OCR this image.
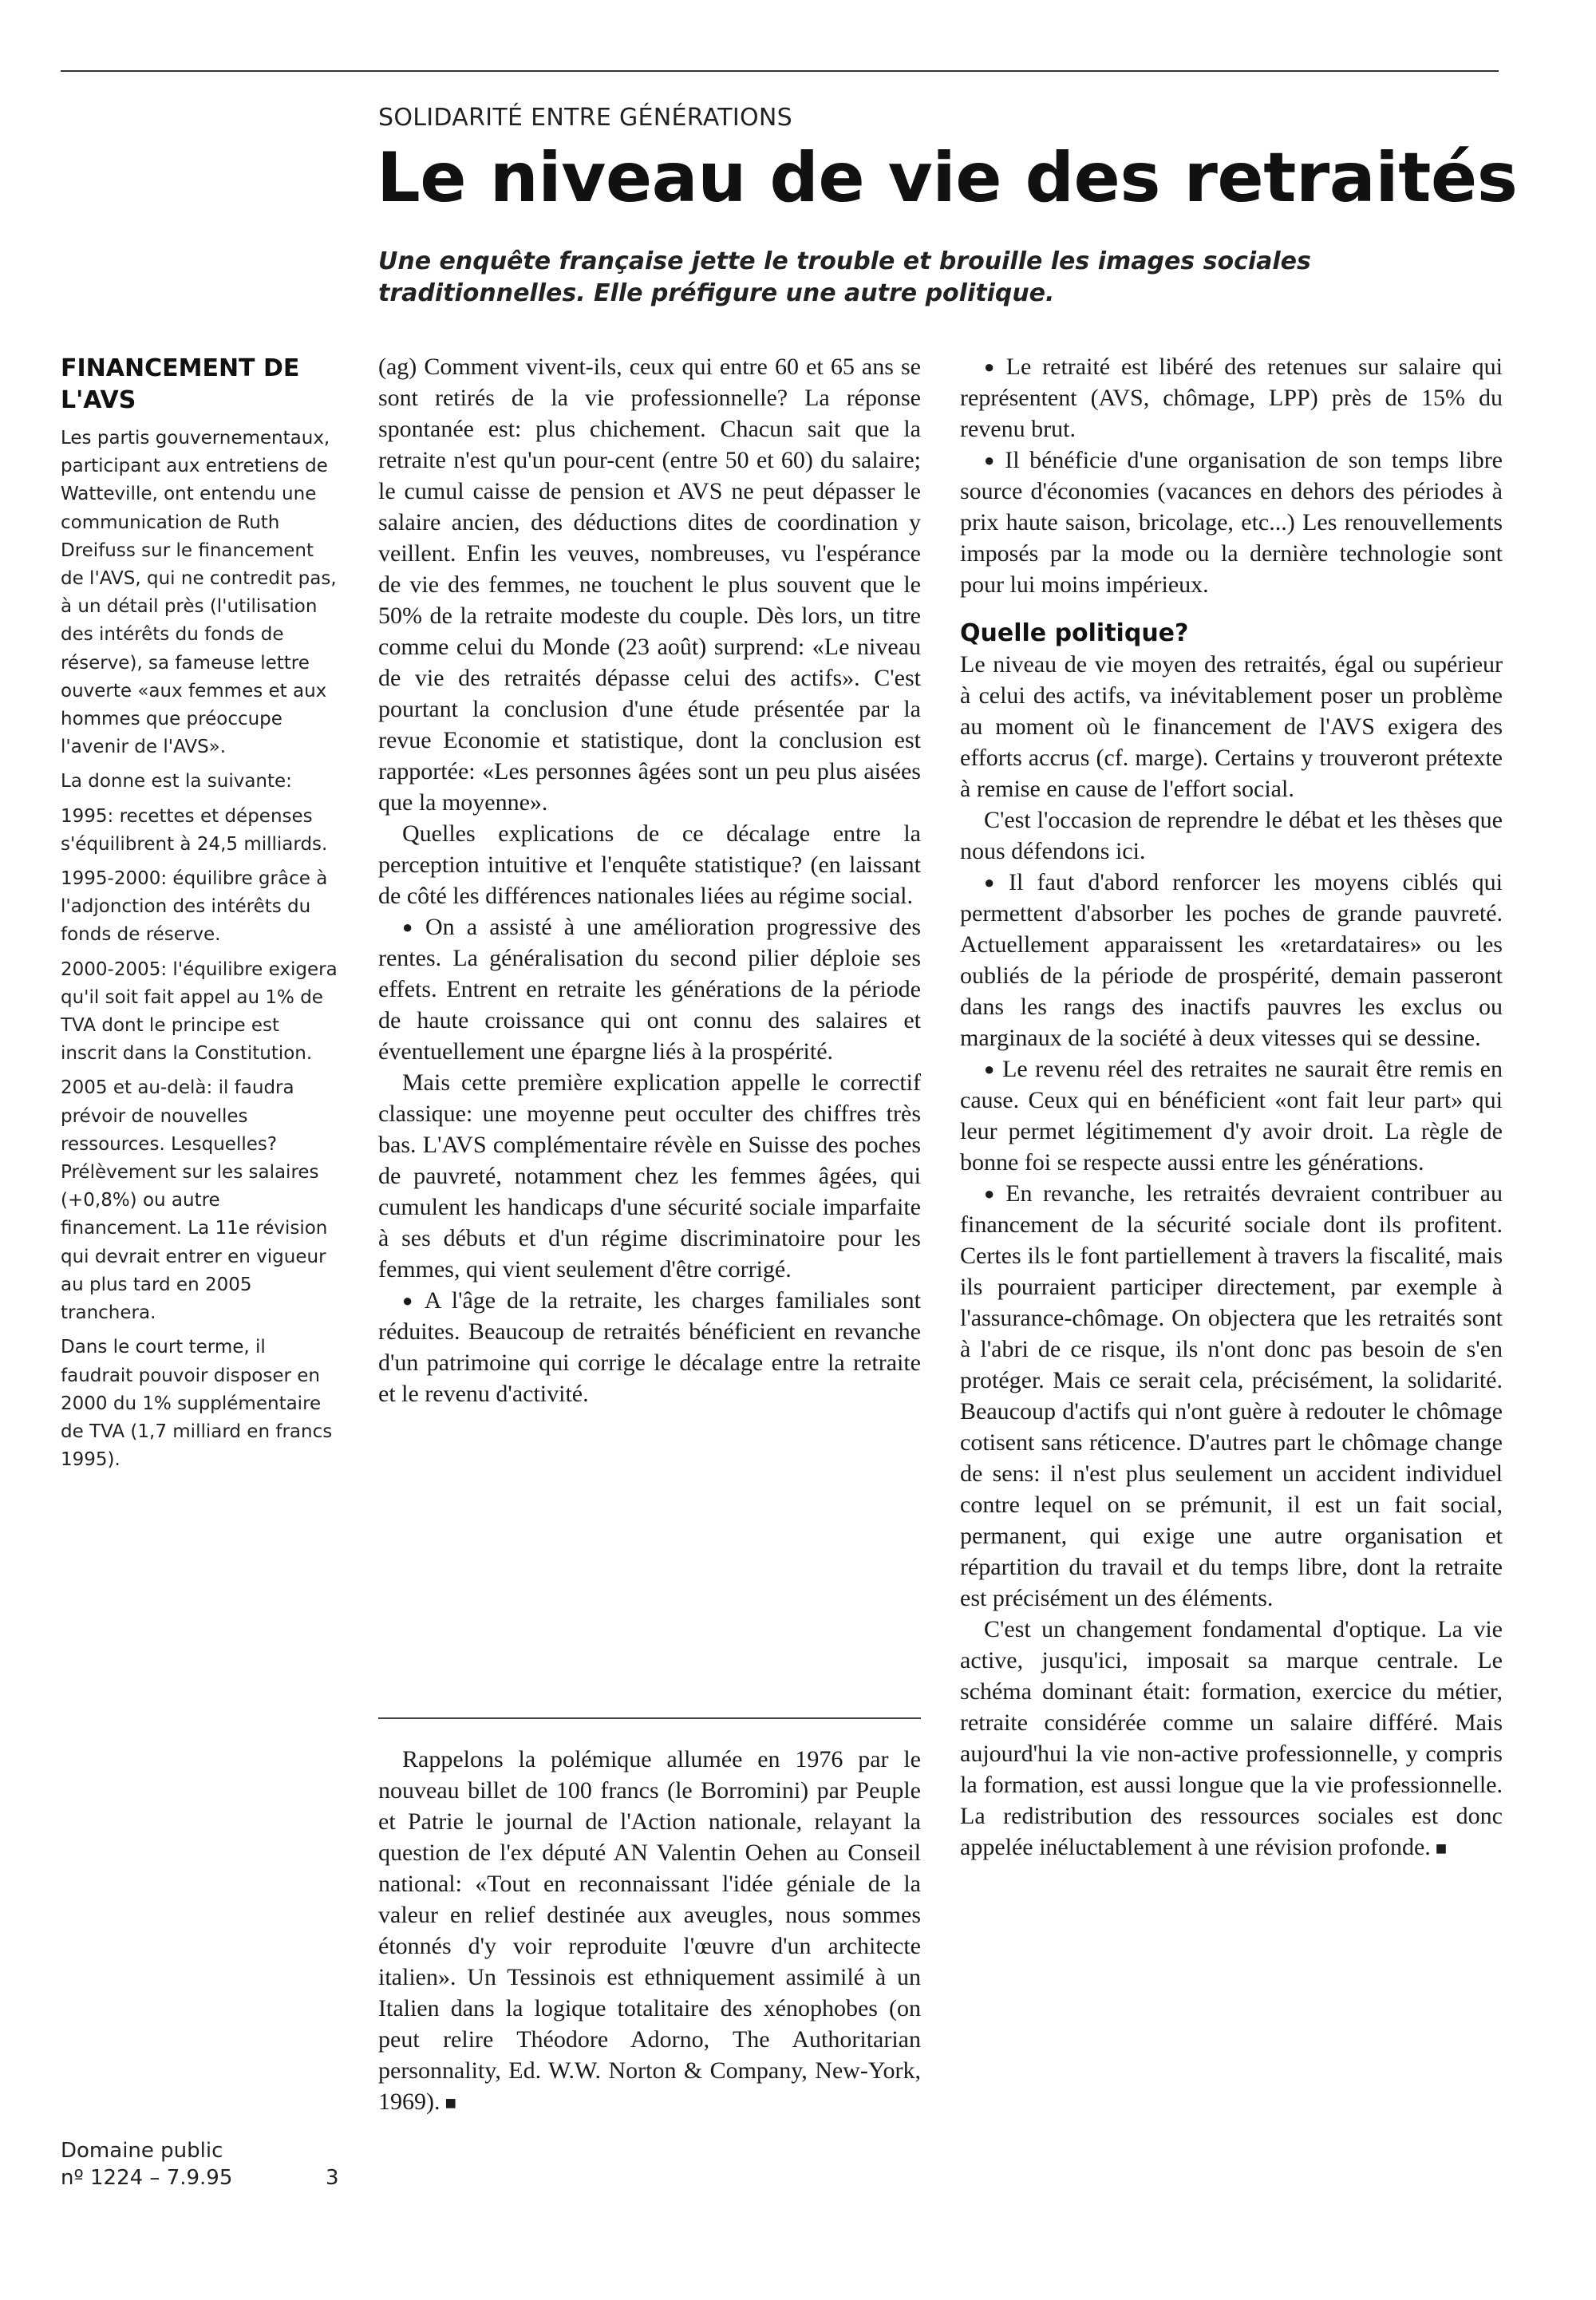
SOLIDARITÉ ENTRE GÉNÉRATIONS
Le niveau de vie des retraités

Une enquête française jette le trouble et brouille les images sociales traditionnelles. Elle préfigure une autre politique.

FINANCEMENT DE L'AVS

Les partis gouvernementaux, participant aux entretiens de Watteville, ont entendu une communication de Ruth Dreifuss sur le financement de l'AVS, qui ne contredit pas, à un détail près (l'utilisation des intérêts du fonds de réserve), sa fameuse lettre ouverte «aux femmes et aux hommes que préoccupe l'avenir de l'AVS».

La donne est la suivante:

1995: recettes et dépenses s'équilibrent à 24,5 milliards.

1995-2000: équilibre grâce à l'adjonction des intérêts du fonds de réserve.

2000-2005: l'équilibre exigera qu'il soit fait appel au 1% de TVA dont le principe est inscrit dans la Constitution.

2005 et au-delà: il faudra prévoir de nouvelles ressources. Lesquelles? Prélèvement sur les salaires (+0,8%) ou autre financement. La 11e révision qui devrait entrer en vigueur au plus tard en 2005 tranchera.

Dans le court terme, il faudrait pouvoir disposer en 2000 du 1% supplémentaire de TVA (1,7 milliard en francs 1995).

Domaine public
nº 1224 – 7.9.95	3

(ag) Comment vivent-ils, ceux qui entre 60 et 65 ans se sont retirés de la vie professionnelle? La réponse spontanée est: plus chichement. Chacun sait que la retraite n'est qu'un pour-cent (entre 50 et 60) du salaire; le cumul caisse de pension et AVS ne peut dépasser le salaire ancien, des déductions dites de coordination y veillent. Enfin les veuves, nombreuses, vu l'espérance de vie des femmes, ne touchent le plus souvent que le 50% de la retraite modeste du couple. Dès lors, un titre comme celui du Monde (23 août) surprend: «Le niveau de vie des retraités dépasse celui des actifs». C'est pourtant la conclusion d'une étude présentée par la revue Economie et statistique, dont la conclusion est rapportée: «Les personnes âgées sont un peu plus aisées que la moyenne».

Quelles explications de ce décalage entre la perception intuitive et l'enquête statistique? (en laissant de côté les différences nationales liées au régime social.

● On a assisté à une amélioration progressive des rentes. La généralisation du second pilier déploie ses effets. Entrent en retraite les générations de la période de haute croissance qui ont connu des salaires et éventuellement une épargne liés à la prospérité.

Mais cette première explication appelle le correctif classique: une moyenne peut occulter des chiffres très bas. L'AVS complémentaire révèle en Suisse des poches de pauvreté, notamment chez les femmes âgées, qui cumulent les handicaps d'une sécurité sociale imparfaite à ses débuts et d'un régime discriminatoire pour les femmes, qui vient seulement d'être corrigé.

● A l'âge de la retraite, les charges familiales sont réduites. Beaucoup de retraités bénéficient en revanche d'un patrimoine qui corrige le décalage entre la retraite et le revenu d'activité.

Rappelons la polémique allumée en 1976 par le nouveau billet de 100 francs (le Borromini) par Peuple et Patrie le journal de l'Action nationale, relayant la question de l'ex député AN Valentin Oehen au Conseil national: «Tout en reconnaissant l'idée géniale de la valeur en relief destinée aux aveugles, nous sommes étonnés d'y voir reproduite l'œuvre d'un architecte italien». Un Tessinois est ethniquement assimilé à un Italien dans la logique totalitaire des xénophobes (on peut relire Théodore Adorno, The Authoritarian personnality, Ed. W.W. Norton & Company, New-York, 1969). ■

● Le retraité est libéré des retenues sur salaire qui représentent (AVS, chômage, LPP) près de 15% du revenu brut.

● Il bénéficie d'une organisation de son temps libre source d'économies (vacances en dehors des périodes à prix haute saison, bricolage, etc...) Les renouvellements imposés par la mode ou la dernière technologie sont pour lui moins impérieux.

Quelle politique?

Le niveau de vie moyen des retraités, égal ou supérieur à celui des actifs, va inévitablement poser un problème au moment où le financement de l'AVS exigera des efforts accrus (cf. marge). Certains y trouveront prétexte à remise en cause de l'effort social.

C'est l'occasion de reprendre le débat et les thèses que nous défendons ici.

● Il faut d'abord renforcer les moyens ciblés qui permettent d'absorber les poches de grande pauvreté. Actuellement apparaissent les «retardataires» ou les oubliés de la période de prospérité, demain passeront dans les rangs des inactifs pauvres les exclus ou marginaux de la société à deux vitesses qui se dessine.

● Le revenu réel des retraites ne saurait être remis en cause. Ceux qui en bénéficient «ont fait leur part» qui leur permet légitimement d'y avoir droit. La règle de bonne foi se respecte aussi entre les générations.

● En revanche, les retraités devraient contribuer au financement de la sécurité sociale dont ils profitent. Certes ils le font partiellement à travers la fiscalité, mais ils pourraient participer directement, par exemple à l'assurance-chômage. On objectera que les retraités sont à l'abri de ce risque, ils n'ont donc pas besoin de s'en protéger. Mais ce serait cela, précisément, la solidarité. Beaucoup d'actifs qui n'ont guère à redouter le chômage cotisent sans réticence. D'autres part le chômage change de sens: il n'est plus seulement un accident individuel contre lequel on se prémunit, il est un fait social, permanent, qui exige une autre organisation et répartition du travail et du temps libre, dont la retraite est précisément un des éléments.

C'est un changement fondamental d'optique. La vie active, jusqu'ici, imposait sa marque centrale. Le schéma dominant était: formation, exercice du métier, retraite considérée comme un salaire différé. Mais aujourd'hui la vie non-active professionnelle, y compris la formation, est aussi longue que la vie professionnelle. La redistribution des ressources sociales est donc appelée inéluctablement à une révision profonde. ■
